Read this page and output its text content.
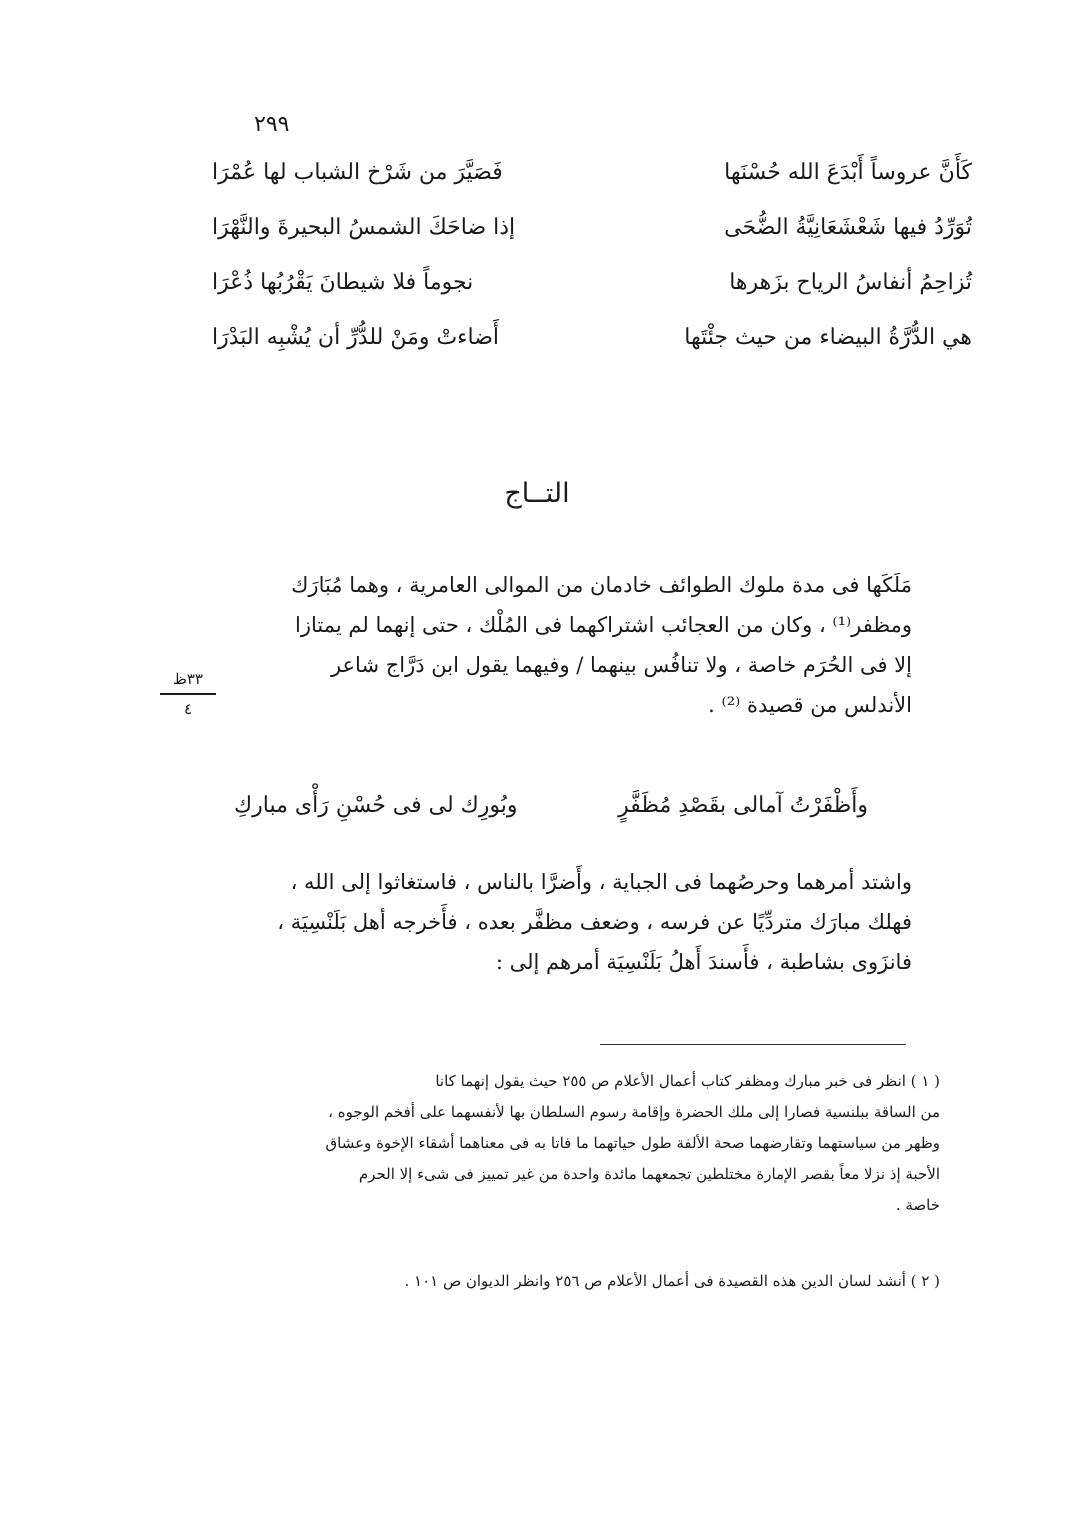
٢٩٩
كَأَنَّ عروساً أَبْدَعَ الله حُسْنَها
فَصَيَّرَ من شَرْخ الشباب لها عُمْرَا
تُوَرِّدُ فيها شَعْشَعَانِيَّةُ الضُّحَى
إذا ضاحَكَ الشمسُ البحيرةَ والنَّهْرَا
تُزاحِمُ أنفاسُ الرياح بزَهرها
نجوماً فلا شيطانَ يَقْرُبُها ذُعْرَا
هي الدُّرَّةُ البيضاء من حيث جئْتَها
أَضاءتْ ومَنْ للدُّرِّ أن يُشْبِه البَدْرَا
التــاج
مَلَكَها فى مدة ملوك الطوائف خادمان من الموالى العامرية ، وهما مُبَارَك
ومظفر⁽¹⁾ ، وكان من العجائب اشتراكهما فى المُلْك ، حتى إنهما لم يمتازا
إلا فى الحُرَم خاصة ، ولا تنافُس بينهما / وفيهما يقول ابن دَرَّاج شاعر
الأندلس من قصيدة ⁽²⁾ .
٣٣ظ
٤
وأَظْفَرْتُ آمالى بقَصْدِ مُظَفَّرٍ
وبُورِك لى فى حُسْنِ رَأْى مباركِ
واشتد أمرهما وحرصُهما فى الجباية ، وأَضرَّا بالناس ، فاستغاثوا إلى الله ،
فهلك مبارَك متردِّيًا عن فرسه ، وضعف مظفَّر بعده ، فأَخرجه أهل بَلَنْسِيَة ،
فانزَوى بشاطبة ، فأَسندَ أَهلُ بَلَنْسِيَة أمرهم إلى :
( ١ ) انظر فى خبر مبارك ومظفر كتاب أعمال الأعلام ص ٢٥٥ حيث يقول إنهما كانا
من الساقة ببلنسية فصارا إلى ملك الحضرة وإقامة رسوم السلطان بها لأنفسهما على أفخم الوجوه ،
وظهر من سياستهما وتقارضهما صحة الألفة طول حياتهما ما فاتا به فى معناهما أشقاء الإخوة وعشاق
الأحبة إذ نزلا معاً بقصر الإمارة مختلطين تجمعهما مائدة واحدة من غير تمييز فى شىء إلا الحرم
خاصة .
( ٢ ) أنشد لسان الدين هذه القصيدة فى أعمال الأعلام ص ٢٥٦ وانظر الديوان ص ١٠١ .
